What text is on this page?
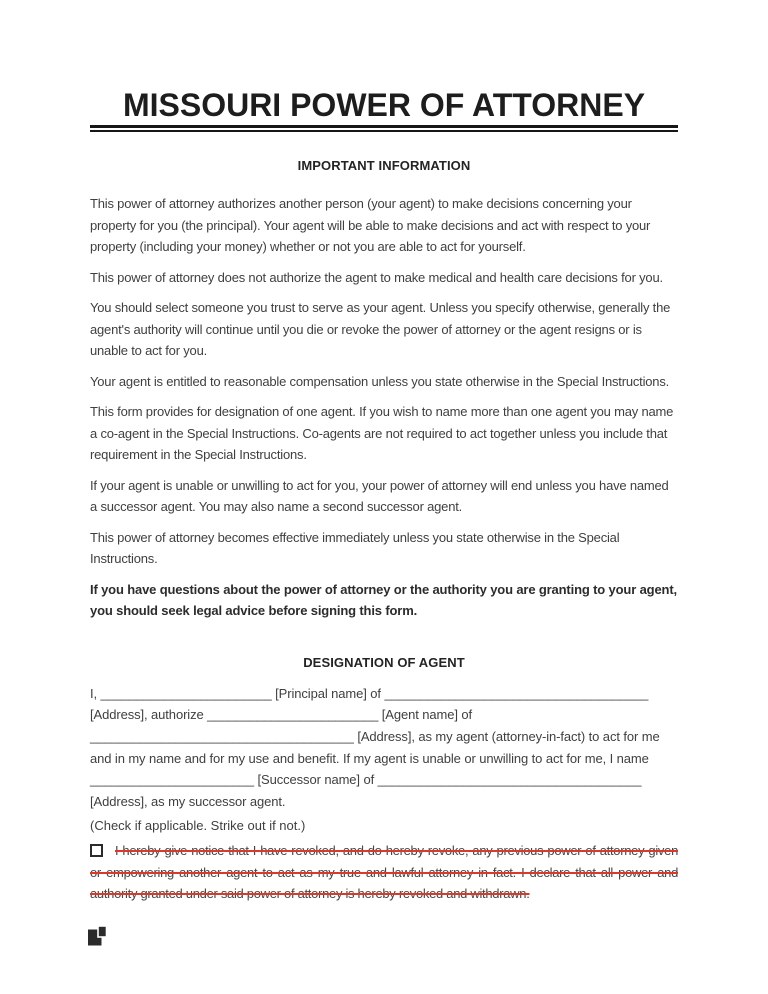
MISSOURI POWER OF ATTORNEY
IMPORTANT INFORMATION

This power of attorney authorizes another person (your agent) to make decisions concerning your property for you (the principal). Your agent will be able to make decisions and act with respect to your property (including your money) whether or not you are able to act for yourself.

This power of attorney does not authorize the agent to make medical and health care decisions for you.

You should select someone you trust to serve as your agent. Unless you specify otherwise, generally the agent's authority will continue until you die or revoke the power of attorney or the agent resigns or is unable to act for you.

Your agent is entitled to reasonable compensation unless you state otherwise in the Special Instructions.

This form provides for designation of one agent. If you wish to name more than one agent you may name a co-agent in the Special Instructions. Co-agents are not required to act together unless you include that requirement in the Special Instructions.

If your agent is unable or unwilling to act for you, your power of attorney will end unless you have named a successor agent. You may also name a second successor agent.

This power of attorney becomes effective immediately unless you state otherwise in the Special Instructions.

If you have questions about the power of attorney or the authority you are granting to your agent, you should seek legal advice before signing this form.

DESIGNATION OF AGENT
I, ________________________ [Principal name] of _____________________________________
[Address], authorize ________________________ [Agent name] of
_____________________________________ [Address], as my agent (attorney-in-fact) to act for me
and in my name and for my use and benefit. If my agent is unable or unwilling to act for me, I name
_______________________ [Successor name] of _____________________________________
[Address], as my successor agent.

(Check if applicable. Strike out if not.)

I hereby give notice that I have revoked, and do hereby revoke, any previous power of attorney given or empowering another agent to act as my true and lawful attorney in fact. I declare that all power and authority granted under said power of attorney is hereby revoked and withdrawn.
